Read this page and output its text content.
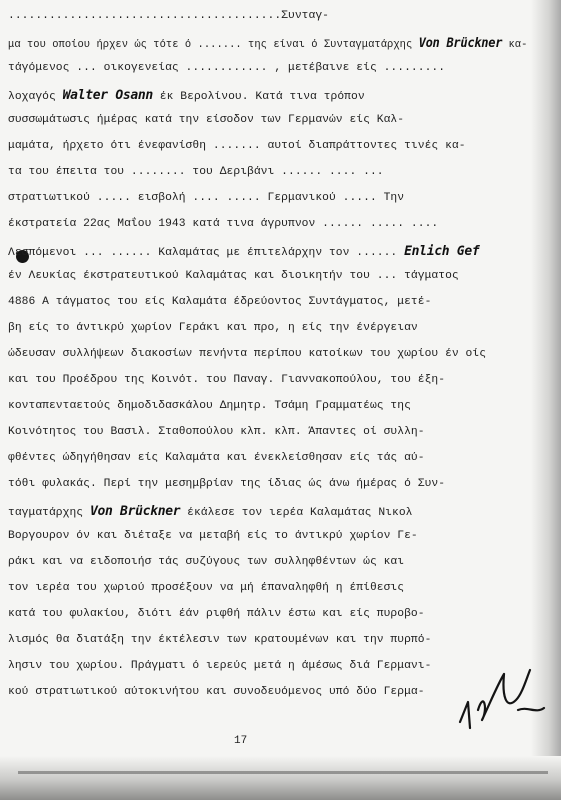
........................................Συνταγ-
μα του οποίου ήρχεν ώς τότε ό ....... της είναι ό Συνταγματάρχης Von Brückner κα-
τάγόμενος ... οικογενείας ............ , μετέβαινε είς .........
λοχαγός Walter Osann έκ Βερολίνου. Κατά τινα τρόπον
συσσωμάτωσις ήμέρας κατά την είσοδον των Γερμανών είς Καλ-
μαμάτα, ήρχετο ότι ένεφανίσθη ....... αυτοί διαπράττοντες τινές κα-
τα του έπειτα του ........ του Δεριβάνι ...... .... ...
στρατιωτικού ..... εισβολή .... ..... Γερμανικού ..... Την
έκστρατεία 22ας Μαΐου 1943 κατά τινα άγρυπνον ...... ..... ....
Λεσπόμενοι ... ...... Καλαμάτας με έπιτελάρχην τον ...... Enlich Gef
έν Λευκίας έκστρατευτικού Καλαμάτας και διοικητήν του ... τάγματος
4886 Α τάγματος του είς Καλαμάτα έδρεύοντος Συντάγματος, μετέ-
βη είς το άντικρύ χωρίον Γεράκι και προ, η είς την ένέργειαν
ώδευσαν συλλήψεων διακοσίων πενήντα περίπου κατοίκων του χωρίου έν οίς
και του Προέδρου της Κοινότ. του Παναγ. Γιαννακοπούλου, του έξη-
κονταπενταετούς δημοδιδασκάλου Δημητρ. Τσάμη Γραμματέως της
Κοινότητος του Βασιλ. Σταθοπούλου κλπ. κλπ. Άπαντες οί συλλη-
φθέντες ώδηγήθησαν είς Καλαμάτα και ένεκλείσθησαν είς τάς αύ-
τόθι φυλακάς. Περί την μεσημβρίαν της ίδιας ώς άνω ήμέρας ό Συν-
ταγματάρχης Von Brückner έκάλεσε τον ιερέα Καλαμάτας Νικολ
Βοργουρον όν και διέταξε να μεταβή είς το άντικρύ χωρίον Γε-
ράκι και να ειδοποιήσ τάς συζύγους των συλληφθέντων ώς και
τον ιερέα του χωριού προσέξουν να μή έπαναληφθή η έπίθεσις
κατά του φυλακίου, διότι έάν ριφθή πάλιν έστω και είς πυροβο-
λισμός θα διατάξη την έκτέλεσιν των κρατουμένων και την πυρπό-
λησιν του χωρίου. Πράγματι ό ιερεύς μετά η άμέσως διά Γερμανι-
κού στρατιωτικού αύτοκινήτου και συνοδευόμενος υπό δύο Γερμα-
17
